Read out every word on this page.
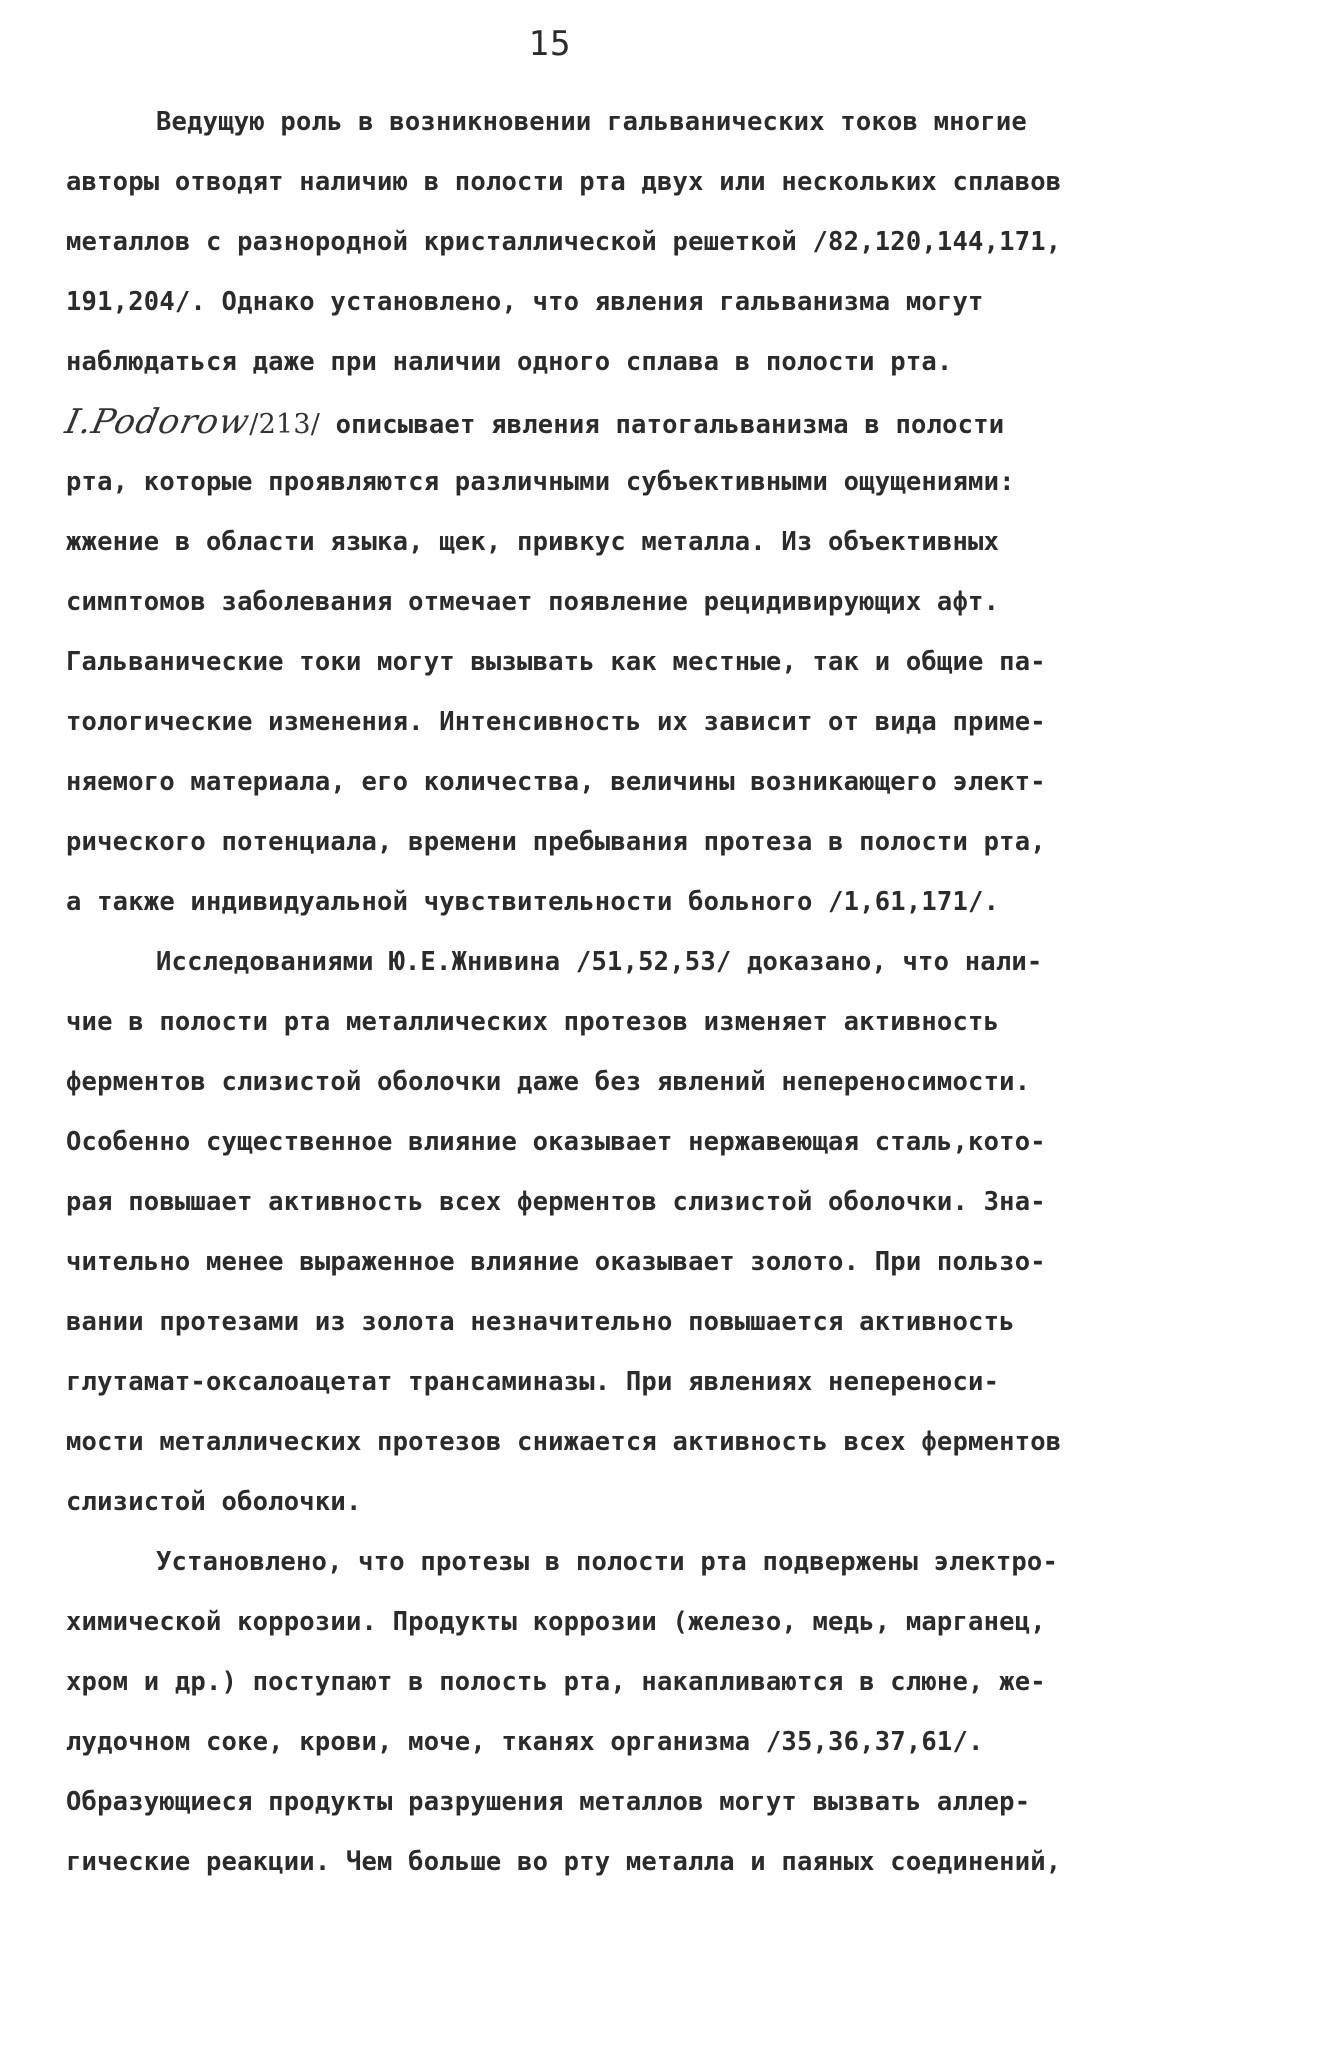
15
Ведущую роль в возникновении гальванических токов многие
авторы отводят наличию в полости рта двух или нескольких сплавов
металлов с разнородной кристаллической решеткой /82,120,144,171,
191,204/. Однако установлено, что явления гальванизма могут
наблюдаться даже при наличии одного сплава в полости рта.
I.Podorow/213/ описывает явления патогальванизма в полости
рта, которые проявляются различными субъективными ощущениями:
жжение в области языка, щек, привкус металла. Из объективных
симптомов заболевания отмечает появление рецидивирующих афт.
Гальванические токи могут вызывать как местные, так и общие па-
тологические изменения. Интенсивность их зависит от вида приме-
няемого материала, его количества, величины возникающего элект-
рического потенциала, времени пребывания протеза в полости рта,
а также индивидуальной чувствительности больного /1,61,171/.
Исследованиями Ю.Е.Жнивина /51,52,53/ доказано, что нали-
чие в полости рта металлических протезов изменяет активность
ферментов слизистой оболочки даже без явлений непереносимости.
Особенно существенное влияние оказывает нержавеющая сталь,кото-
рая повышает активность всех ферментов слизистой оболочки. Зна-
чительно менее выраженное влияние оказывает золото. При пользо-
вании протезами из золота незначительно повышается активность
глутамат-оксалоацетат трансаминазы. При явлениях непереноси-
мости металлических протезов снижается активность всех ферментов
слизистой оболочки.
Установлено, что протезы в полости рта подвержены электро-
химической коррозии. Продукты коррозии (железо, медь, марганец,
хром и др.) поступают в полость рта, накапливаются в слюне, же-
лудочном соке, крови, моче, тканях организма /35,36,37,61/.
Образующиеся продукты разрушения металлов могут вызвать аллер-
гические реакции. Чем больше во рту металла и паяных соединений,
